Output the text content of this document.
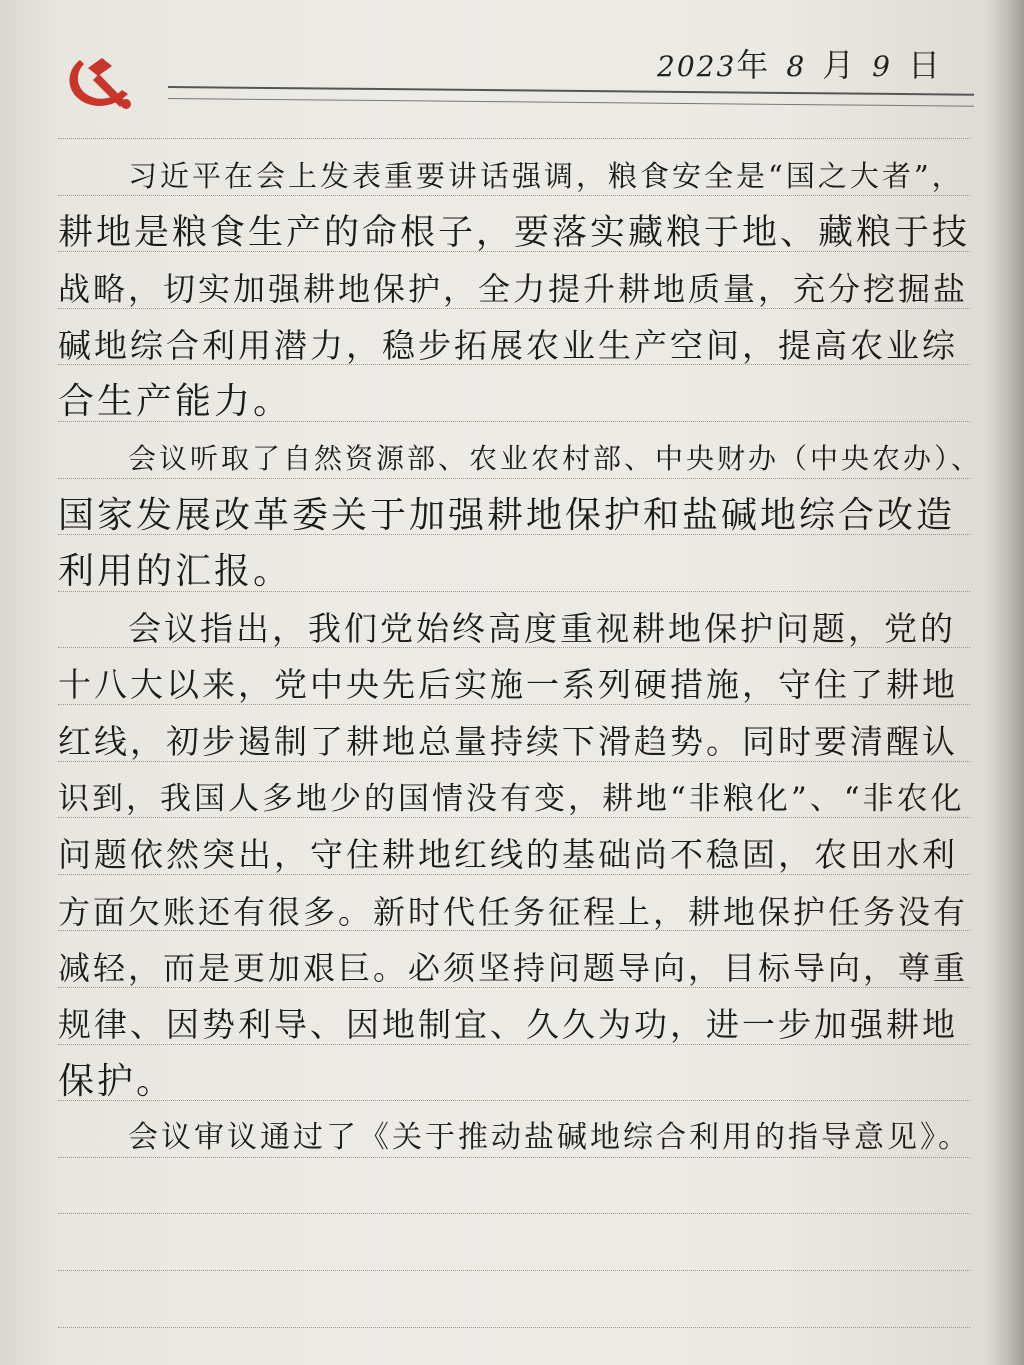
2023年 8 月 9 日
习近平在会上发表重要讲话强调，粮食安全是“国之大者”，
耕地是粮食生产的命根子，要落实藏粮于地、藏粮于技
战略，切实加强耕地保护，全力提升耕地质量，充分挖掘盐
碱地综合利用潜力，稳步拓展农业生产空间，提高农业综
合生产能力。
会议听取了自然资源部、农业农村部、中央财办（中央农办）、
国家发展改革委关于加强耕地保护和盐碱地综合改造
利用的汇报。
会议指出，我们党始终高度重视耕地保护问题，党的
十八大以来，党中央先后实施一系列硬措施，守住了耕地
红线，初步遏制了耕地总量持续下滑趋势。同时要清醒认
识到，我国人多地少的国情没有变，耕地“非粮化”、“非农化
问题依然突出，守住耕地红线的基础尚不稳固，农田水利
方面欠账还有很多。新时代任务征程上，耕地保护任务没有
减轻，而是更加艰巨。必须坚持问题导向，目标导向，尊重
规律、因势利导、因地制宜、久久为功，进一步加强耕地
保护。
会议审议通过了《关于推动盐碱地综合利用的指导意见》。
